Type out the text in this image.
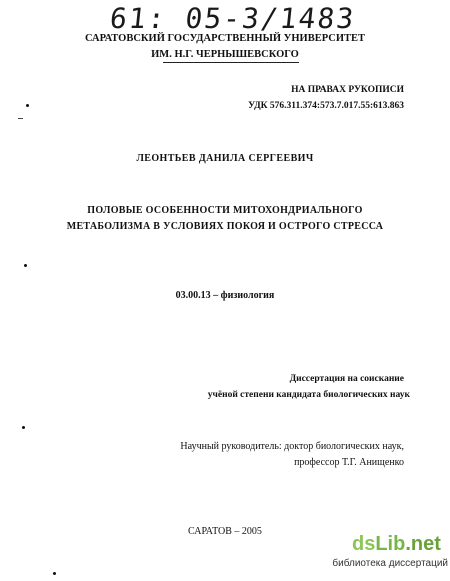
61: 05-3/1483
САРАТОВСКИЙ ГОСУДАРСТВЕННЫЙ УНИВЕРСИТЕТ
ИМ. Н.Г. ЧЕРНЫШЕВСКОГО
НА ПРАВАХ РУКОПИСИ
УДК 576.311.374:573.7.017.55:613.863
ЛЕОНТЬЕВ ДАНИЛА СЕРГЕЕВИЧ
ПОЛОВЫЕ ОСОБЕННОСТИ МИТОХОНДРИАЛЬНОГО
МЕТАБОЛИЗМА В УСЛОВИЯХ ПОКОЯ И ОСТРОГО СТРЕССА
03.00.13 – физиология
Диссертация на соискание
учёной степени кандидата биологических наук
Научный руководитель: доктор биологических наук,
профессор Т.Г. Анищенко
САРАТОВ – 2005
dsLib.net
библиотека диссертаций
